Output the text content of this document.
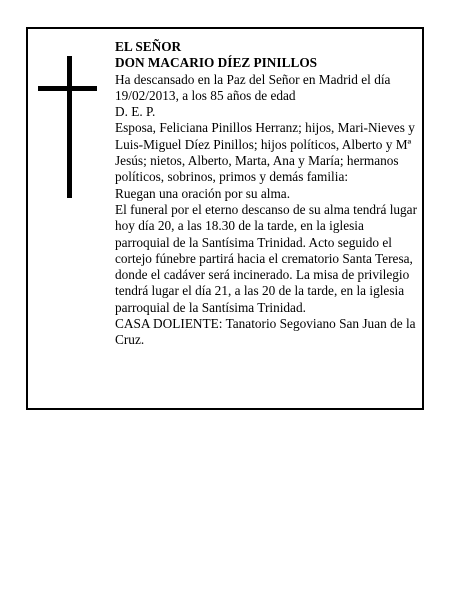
EL SEÑOR

DON MACARIO DÍEZ PINILLOS

Ha descansado en la Paz del Señor en Madrid el día 19/02/2013, a los 85 años de edad

D. E. P.

Esposa, Feliciana Pinillos Herranz; hijos, Mari-Nieves y Luis-Miguel Díez Pinillos; hijos políticos, Alberto y Mª Jesús; nietos, Alberto, Marta, Ana y María; hermanos políticos, sobrinos, primos y demás familia:

Ruegan una oración por su alma.

El funeral por el eterno descanso de su alma tendrá lugar hoy día 20, a las 18.30 de la tarde, en la iglesia parroquial de la Santísima Trinidad. Acto seguido el cortejo fúnebre partirá hacia el crematorio Santa Teresa, donde el cadáver será incinerado. La misa de privilegio tendrá lugar el día 21, a las 20 de la tarde, en la iglesia parroquial de la Santísima Trinidad.

CASA DOLIENTE: Tanatorio Segoviano San Juan de la Cruz.
